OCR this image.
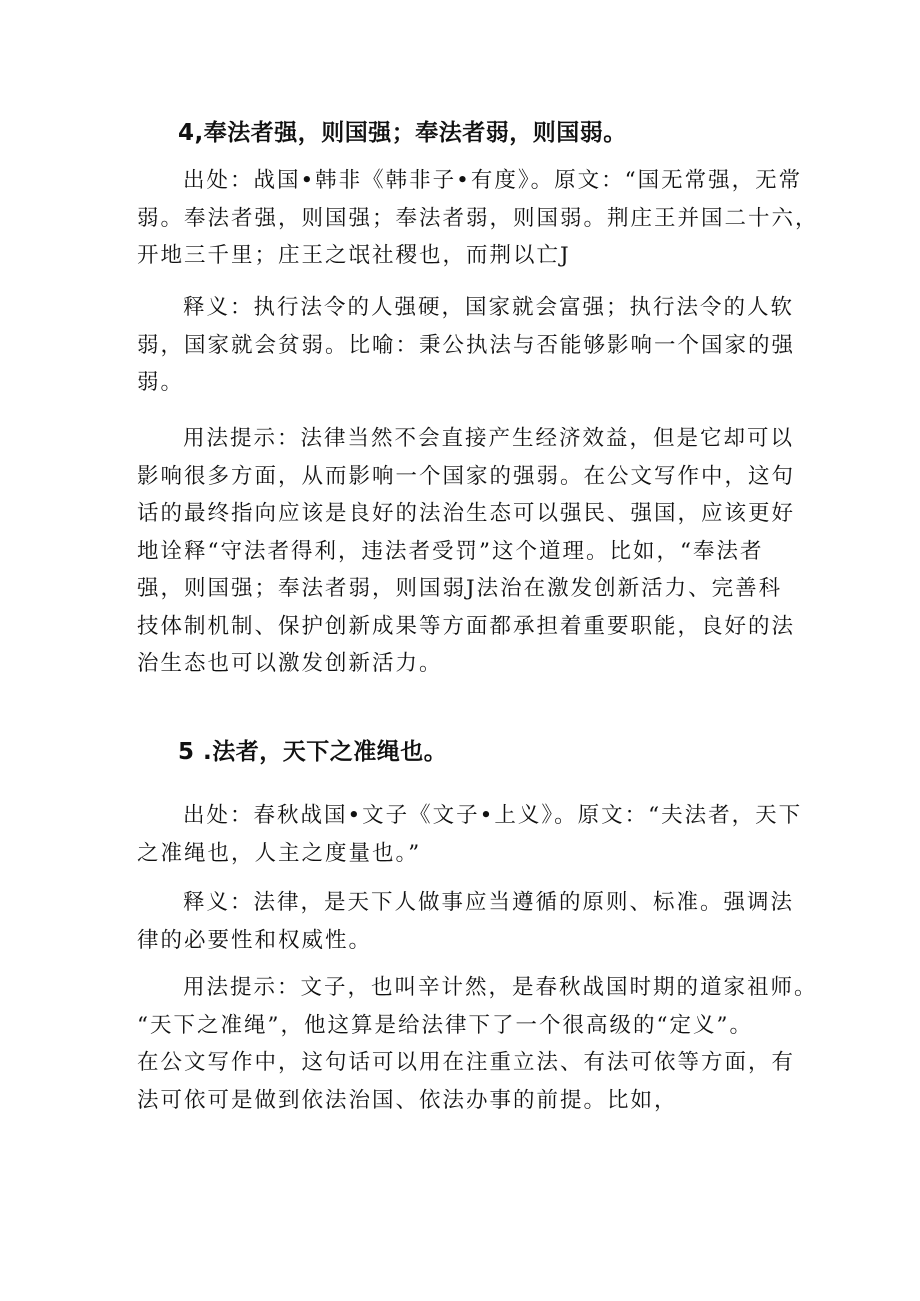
4,奉法者强，则国强；奉法者弱，则国弱。
出处：战国•韩非《韩非子•有度》。原文：“国无常强，无常
弱。奉法者强，则国强；奉法者弱，则国弱。荆庄王并国二十六，
开地三千里；庄王之氓社稷也，而荆以亡J
释义：执行法令的人强硬，国家就会富强；执行法令的人软
弱，国家就会贫弱。比喻：秉公执法与否能够影响一个国家的强
弱。
用法提示：法律当然不会直接产生经济效益，但是它却可以
影响很多方面，从而影响一个国家的强弱。在公文写作中，这句
话的最终指向应该是良好的法治生态可以强民、强国，应该更好
地诠释“守法者得利，违法者受罚”这个道理。比如，“奉法者
强，则国强；奉法者弱，则国弱J法治在激发创新活力、完善科
技体制机制、保护创新成果等方面都承担着重要职能，良好的法
治生态也可以激发创新活力。
5 .法者，天下之准绳也。
出处：春秋战国•文子《文子•上义》。原文：“夫法者，天下
之准绳也，人主之度量也。”
释义：法律，是天下人做事应当遵循的原则、标准。强调法
律的必要性和权威性。
用法提示：文子，也叫辛计然，是春秋战国时期的道家祖师。
“天下之准绳”，他这算是给法律下了一个很高级的“定义”。
在公文写作中，这句话可以用在注重立法、有法可依等方面，有
法可依可是做到依法治国、依法办事的前提。比如，
